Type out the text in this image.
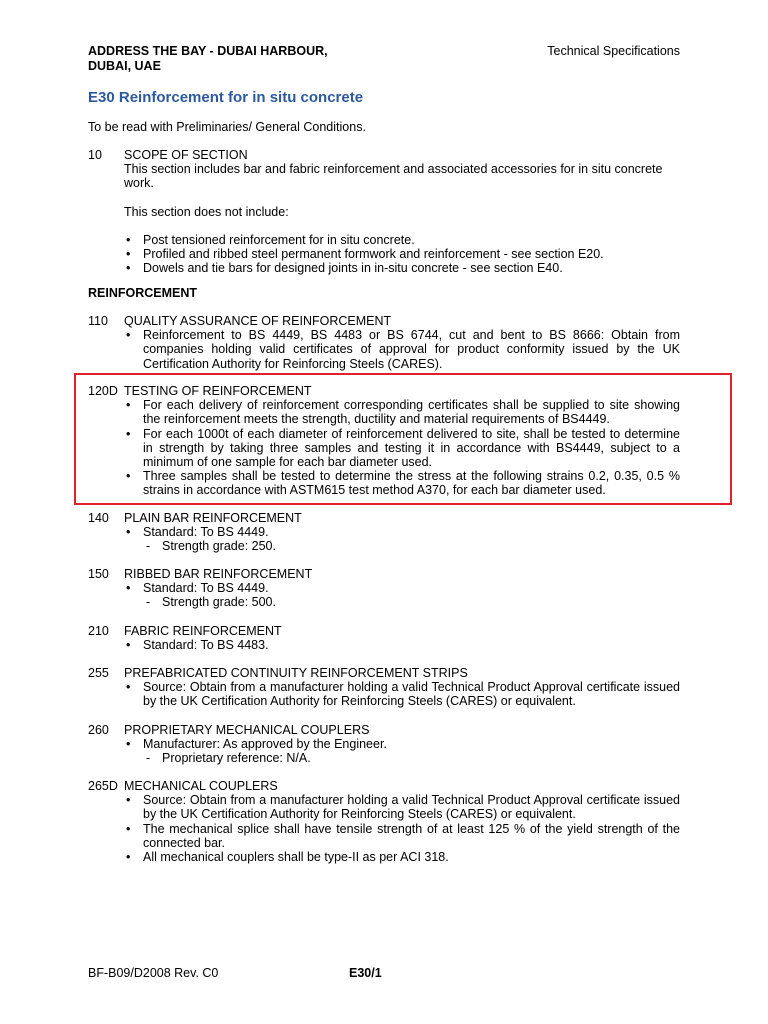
ADDRESS THE BAY - DUBAI HARBOUR,
DUBAI, UAE
Technical Specifications
E30 Reinforcement for in situ concrete
To be read with Preliminaries/ General Conditions.
10 SCOPE OF SECTION

This section includes bar and fabric reinforcement and associated accessories for in situ concrete work.

This section does not include:

• Post tensioned reinforcement for in situ concrete.
• Profiled and ribbed steel permanent formwork and reinforcement - see section E20.
• Dowels and tie bars for designed joints in in-situ concrete - see section E40.
REINFORCEMENT
110 QUALITY ASSURANCE OF REINFORCEMENT

• Reinforcement to BS 4449, BS 4483 or BS 6744, cut and bent to BS 8666: Obtain from companies holding valid certificates of approval for product conformity issued by the UK Certification Authority for Reinforcing Steels (CARES).
120D TESTING OF REINFORCEMENT

• For each delivery of reinforcement corresponding certificates shall be supplied to site showing the reinforcement meets the strength, ductility and material requirements of BS4449.
• For each 1000t of each diameter of reinforcement delivered to site, shall be tested to determine in strength by taking three samples and testing it in accordance with BS4449, subject to a minimum of one sample for each bar diameter used.
• Three samples shall be tested to determine the stress at the following strains 0.2, 0.35, 0.5 % strains in accordance with ASTM615 test method A370, for each bar diameter used.
140 PLAIN BAR REINFORCEMENT

• Standard: To BS 4449.
- Strength grade: 250.
150 RIBBED BAR REINFORCEMENT

• Standard: To BS 4449.
- Strength grade: 500.
210 FABRIC REINFORCEMENT

• Standard: To BS 4483.
255 PREFABRICATED CONTINUITY REINFORCEMENT STRIPS

• Source: Obtain from a manufacturer holding a valid Technical Product Approval certificate issued by the UK Certification Authority for Reinforcing Steels (CARES) or equivalent.
260 PROPRIETARY MECHANICAL COUPLERS

• Manufacturer: As approved by the Engineer.
- Proprietary reference: N/A.
265D MECHANICAL COUPLERS

• Source: Obtain from a manufacturer holding a valid Technical Product Approval certificate issued by the UK Certification Authority for Reinforcing Steels (CARES) or equivalent.
• The mechanical splice shall have tensile strength of at least 125 % of the yield strength of the connected bar.
• All mechanical couplers shall be type-II as per ACI 318.
BF-B09/D2008 Rev. C0	E30/1
